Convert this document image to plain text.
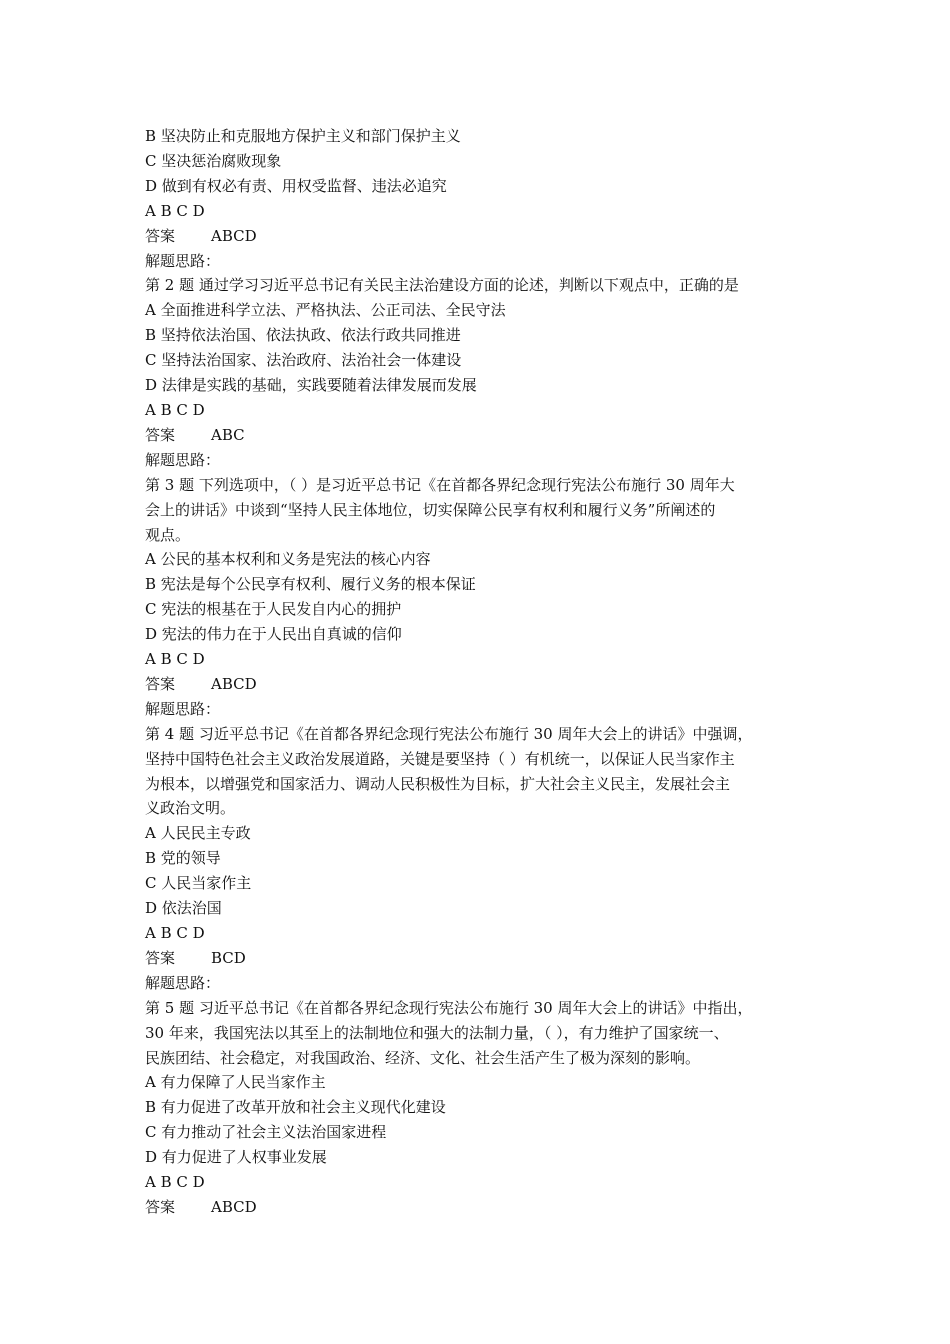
B 坚决防止和克服地方保护主义和部门保护主义

C 坚决惩治腐败现象

D 做到有权必有责、用权受监督、违法必追究

A B C D

答案 ABCD

解题思路：

第 2 题 通过学习习近平总书记有关民主法治建设方面的论述，判断以下观点中，正确的是

A 全面推进科学立法、严格执法、公正司法、全民守法

B 坚持依法治国、依法执政、依法行政共同推进

C 坚持法治国家、法治政府、法治社会一体建设

D 法律是实践的基础，实践要随着法律发展而发展

A B C D

答案 ABC

解题思路：

第 3 题 下列选项中，（ ）是习近平总书记《在首都各界纪念现行宪法公布施行 30 周年大

会上的讲话》中谈到“坚持人民主体地位，切实保障公民享有权利和履行义务”所阐述的

观点。

A 公民的基本权利和义务是宪法的核心内容

B 宪法是每个公民享有权利、履行义务的根本保证

C 宪法的根基在于人民发自内心的拥护

D 宪法的伟力在于人民出自真诚的信仰

A B C D

答案 ABCD

解题思路：

第 4 题 习近平总书记《在首都各界纪念现行宪法公布施行 30 周年大会上的讲话》中强调，

坚持中国特色社会主义政治发展道路，关键是要坚持（ ）有机统一，以保证人民当家作主

为根本，以增强党和国家活力、调动人民积极性为目标，扩大社会主义民主，发展社会主

义政治文明。

A 人民民主专政

B 党的领导

C 人民当家作主

D 依法治国

A B C D

答案 BCD

解题思路：

第 5 题 习近平总书记《在首都各界纪念现行宪法公布施行 30 周年大会上的讲话》中指出，

30 年来，我国宪法以其至上的法制地位和强大的法制力量，（ ），有力维护了国家统一、

民族团结、社会稳定，对我国政治、经济、文化、社会生活产生了极为深刻的影响。

A 有力保障了人民当家作主

B 有力促进了改革开放和社会主义现代化建设

C 有力推动了社会主义法治国家进程

D 有力促进了人权事业发展

A B C D

答案 ABCD
